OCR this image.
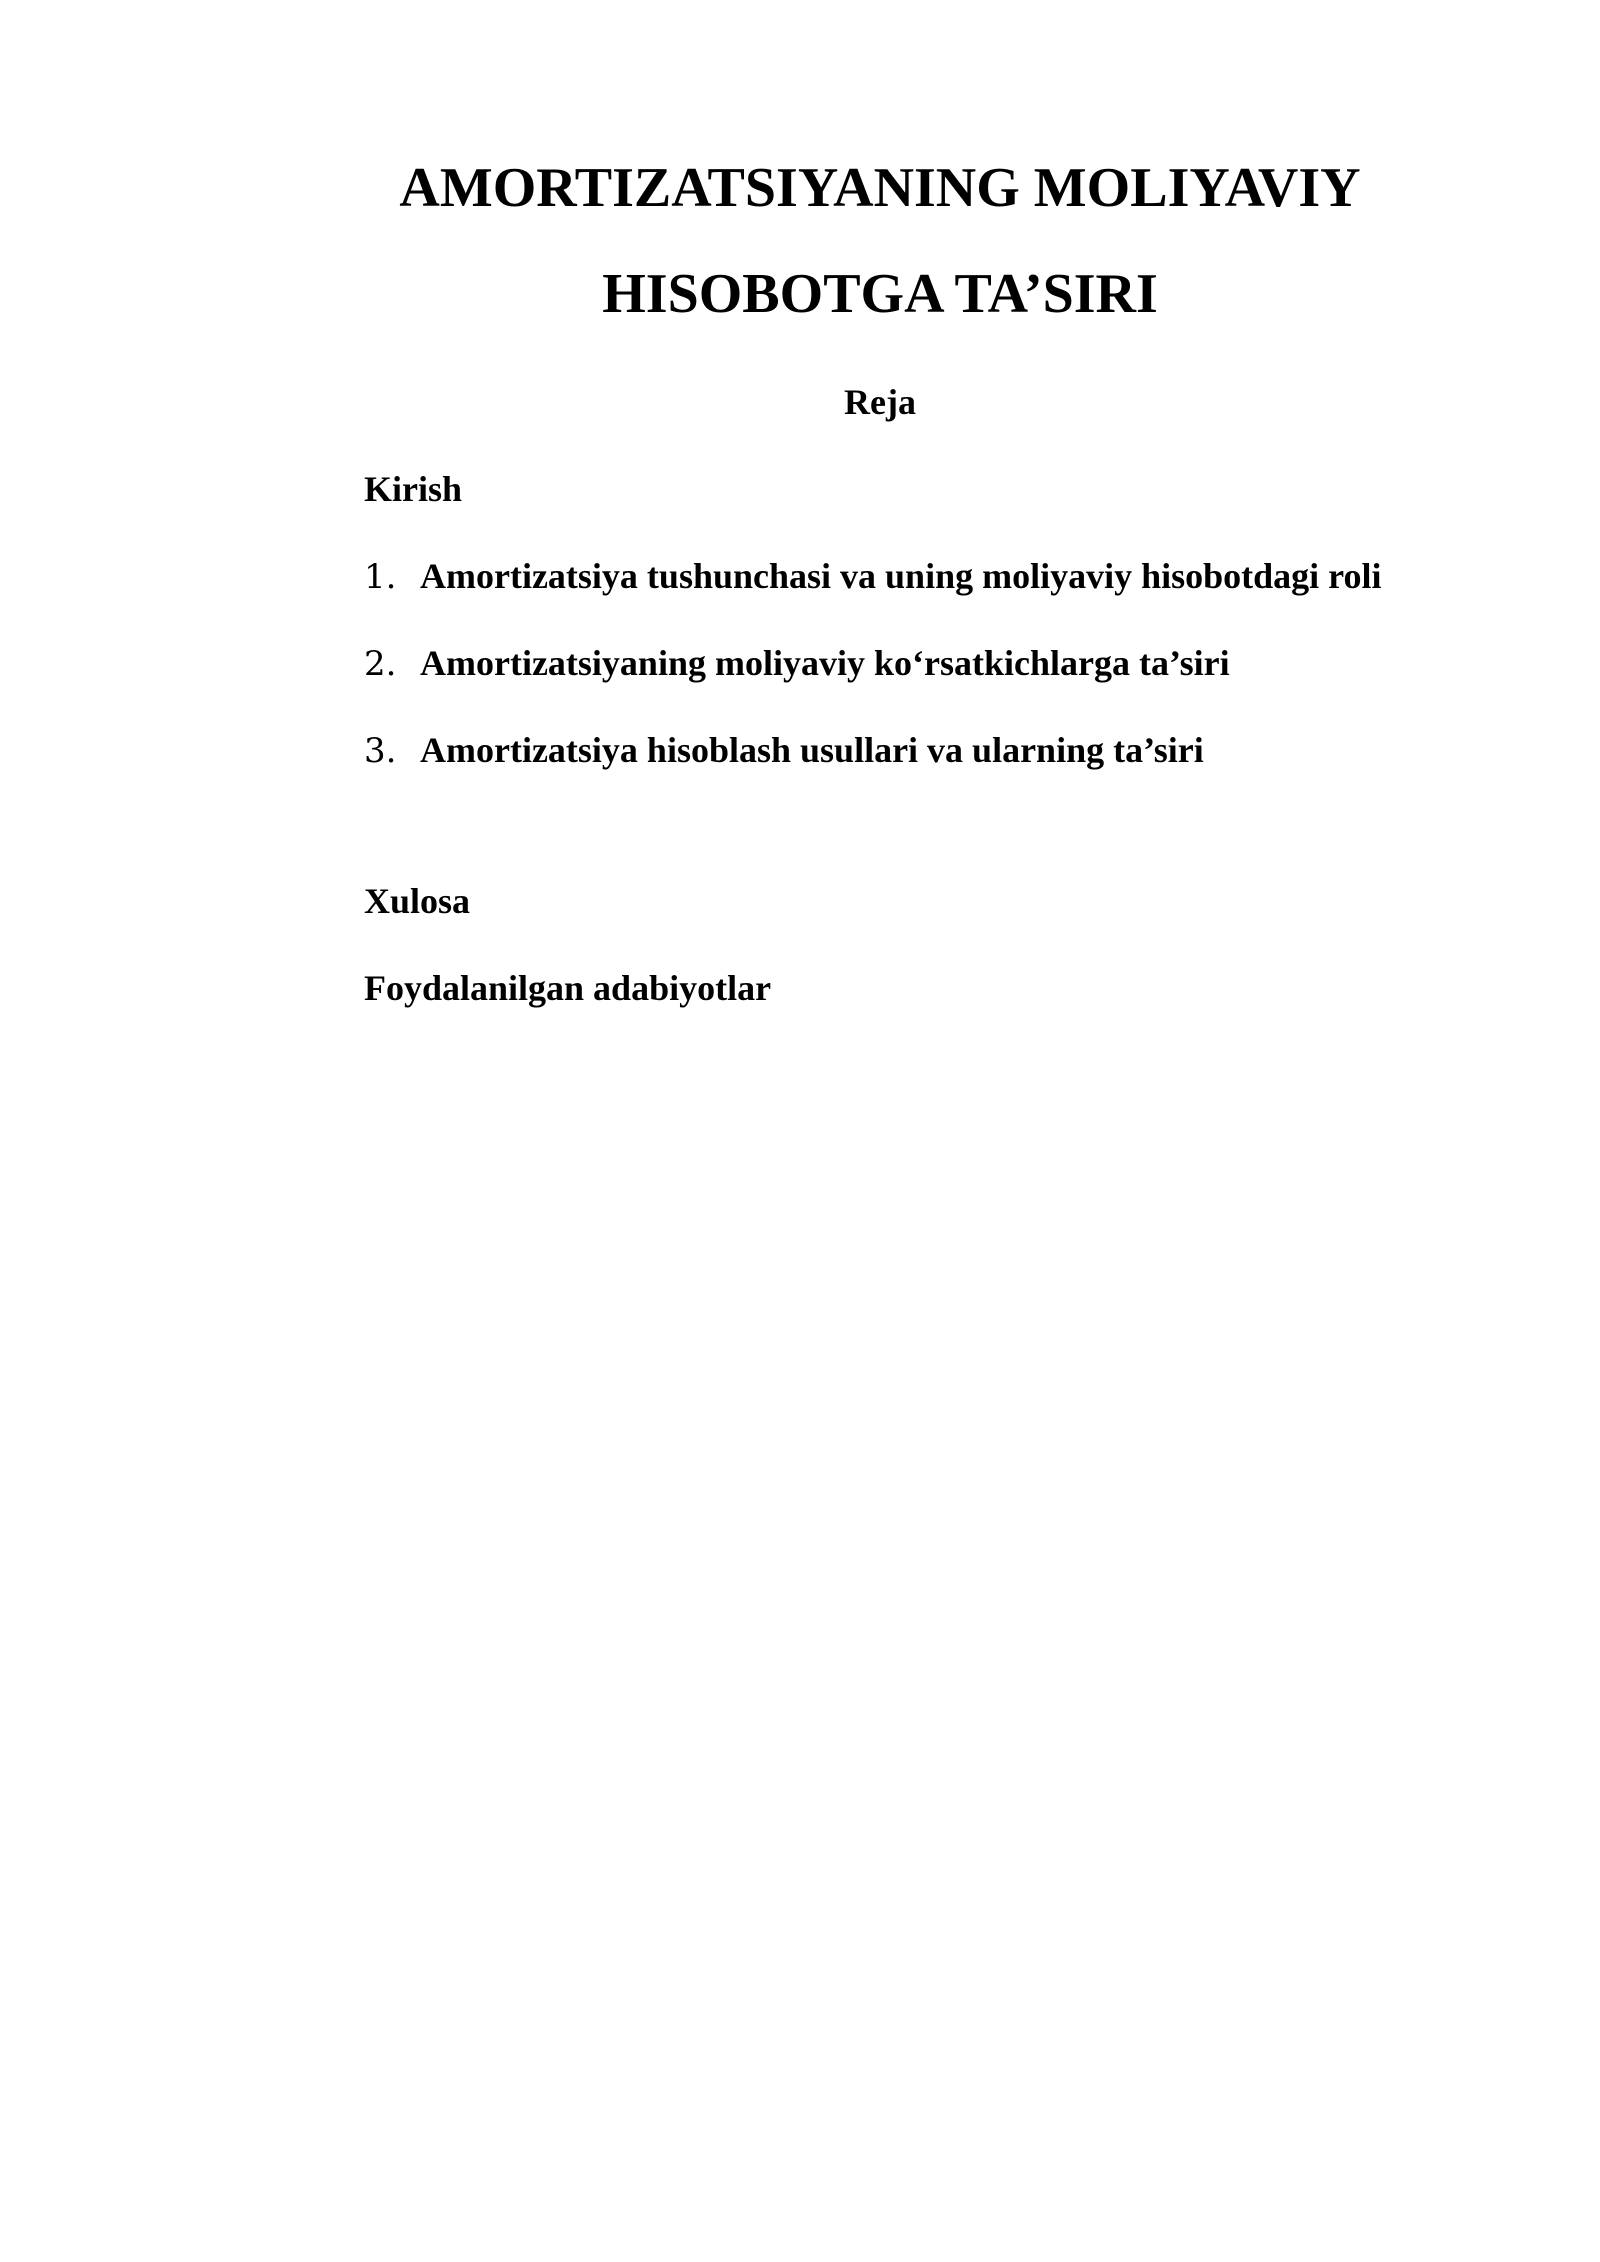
AMORTIZATSIYANING MOLIYAVIY
HISOBOTGA TA’SIRI
Reja

Kirish

1. Amortizatsiya tushunchasi va uning moliyaviy hisobotdagi roli
2. Amortizatsiyaning moliyaviy ko‘rsatkichlarga ta’siri
3. Amortizatsiya hisoblash usullari va ularning ta’siri

Xulosa

Foydalanilgan adabiyotlar
